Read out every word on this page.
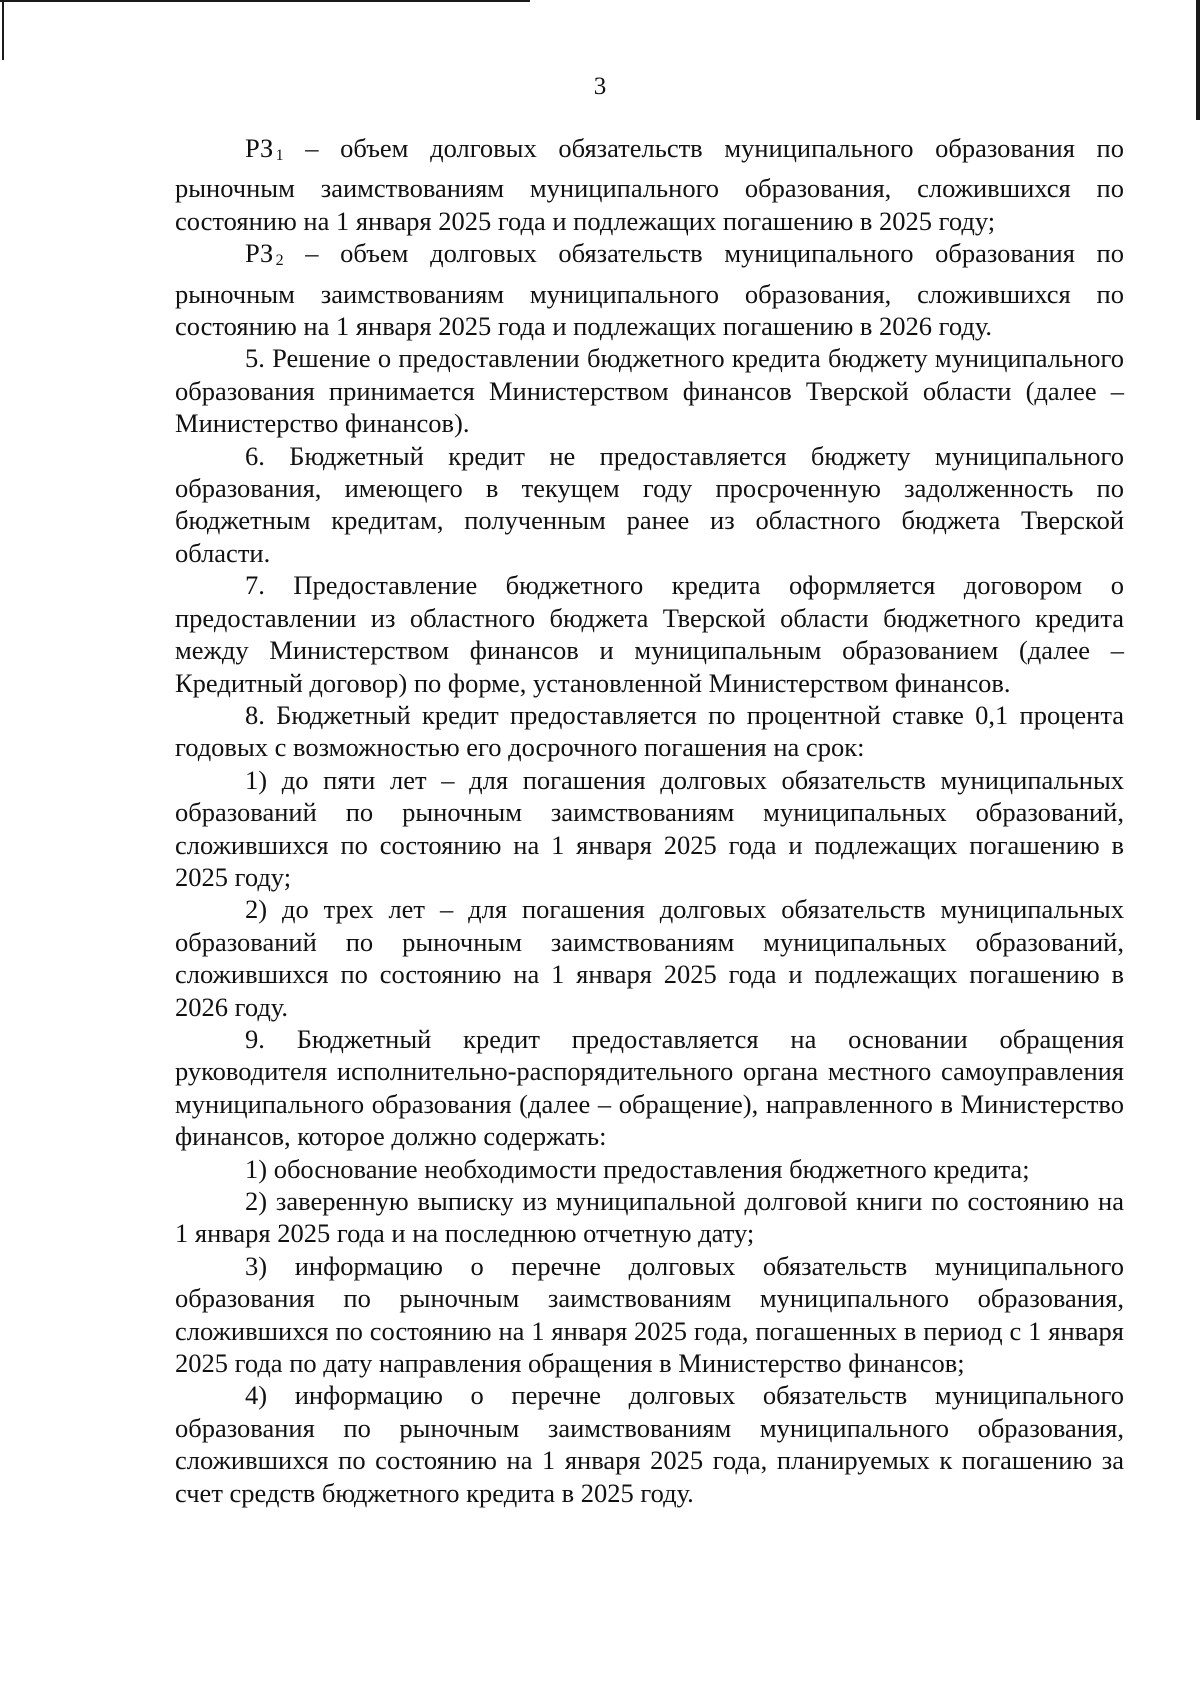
3

РЗ  1 – объем долговых обязательств муниципального образования по рыночным заимствованиям муниципального образования, сложившихся по состоянию на 1 января 2025 года и подлежащих погашению в 2025 году;

РЗ  2 – объем долговых обязательств муниципального образования по рыночным заимствованиям муниципального образования, сложившихся по состоянию на 1 января 2025 года и подлежащих погашению в 2026 году.

5. Решение о предоставлении бюджетного кредита бюджету муниципального образования принимается Министерством финансов Тверской области (далее – Министерство финансов).

6. Бюджетный кредит не предоставляется бюджету муниципального образования, имеющего в текущем году просроченную задолженность по бюджетным кредитам, полученным ранее из областного бюджета Тверской области.

7. Предоставление бюджетного кредита оформляется договором о предоставлении из областного бюджета Тверской области бюджетного кредита между Министерством финансов и муниципальным образованием (далее – Кредитный договор) по форме, установленной Министерством финансов.

8. Бюджетный кредит предоставляется по процентной ставке 0,1 процента годовых с возможностью его досрочного погашения на срок:

1) до пяти лет – для погашения долговых обязательств муниципальных образований по рыночным заимствованиям муниципальных образований, сложившихся по состоянию на 1 января 2025 года и подлежащих погашению в 2025 году;

2) до трех лет – для погашения долговых обязательств муниципальных образований по рыночным заимствованиям муниципальных образований, сложившихся по состоянию на 1 января 2025 года и подлежащих погашению в 2026 году.

9. Бюджетный кредит предоставляется на основании обращения руководителя исполнительно-распорядительного органа местного самоуправления муниципального образования (далее – обращение), направленного в Министерство финансов, которое должно содержать:

1) обоснование необходимости предоставления бюджетного кредита;

2) заверенную выписку из муниципальной долговой книги по состоянию на 1 января 2025 года и на последнюю отчетную дату;

3) информацию о перечне долговых обязательств муниципального образования по рыночным заимствованиям муниципального образования, сложившихся по состоянию на 1 января 2025 года, погашенных в период с 1 января 2025 года по дату направления обращения в Министерство финансов;

4) информацию о перечне долговых обязательств муниципального образования по рыночным заимствованиям муниципального образования, сложившихся по состоянию на 1 января 2025 года, планируемых к погашению за счет средств бюджетного кредита в 2025 году.
